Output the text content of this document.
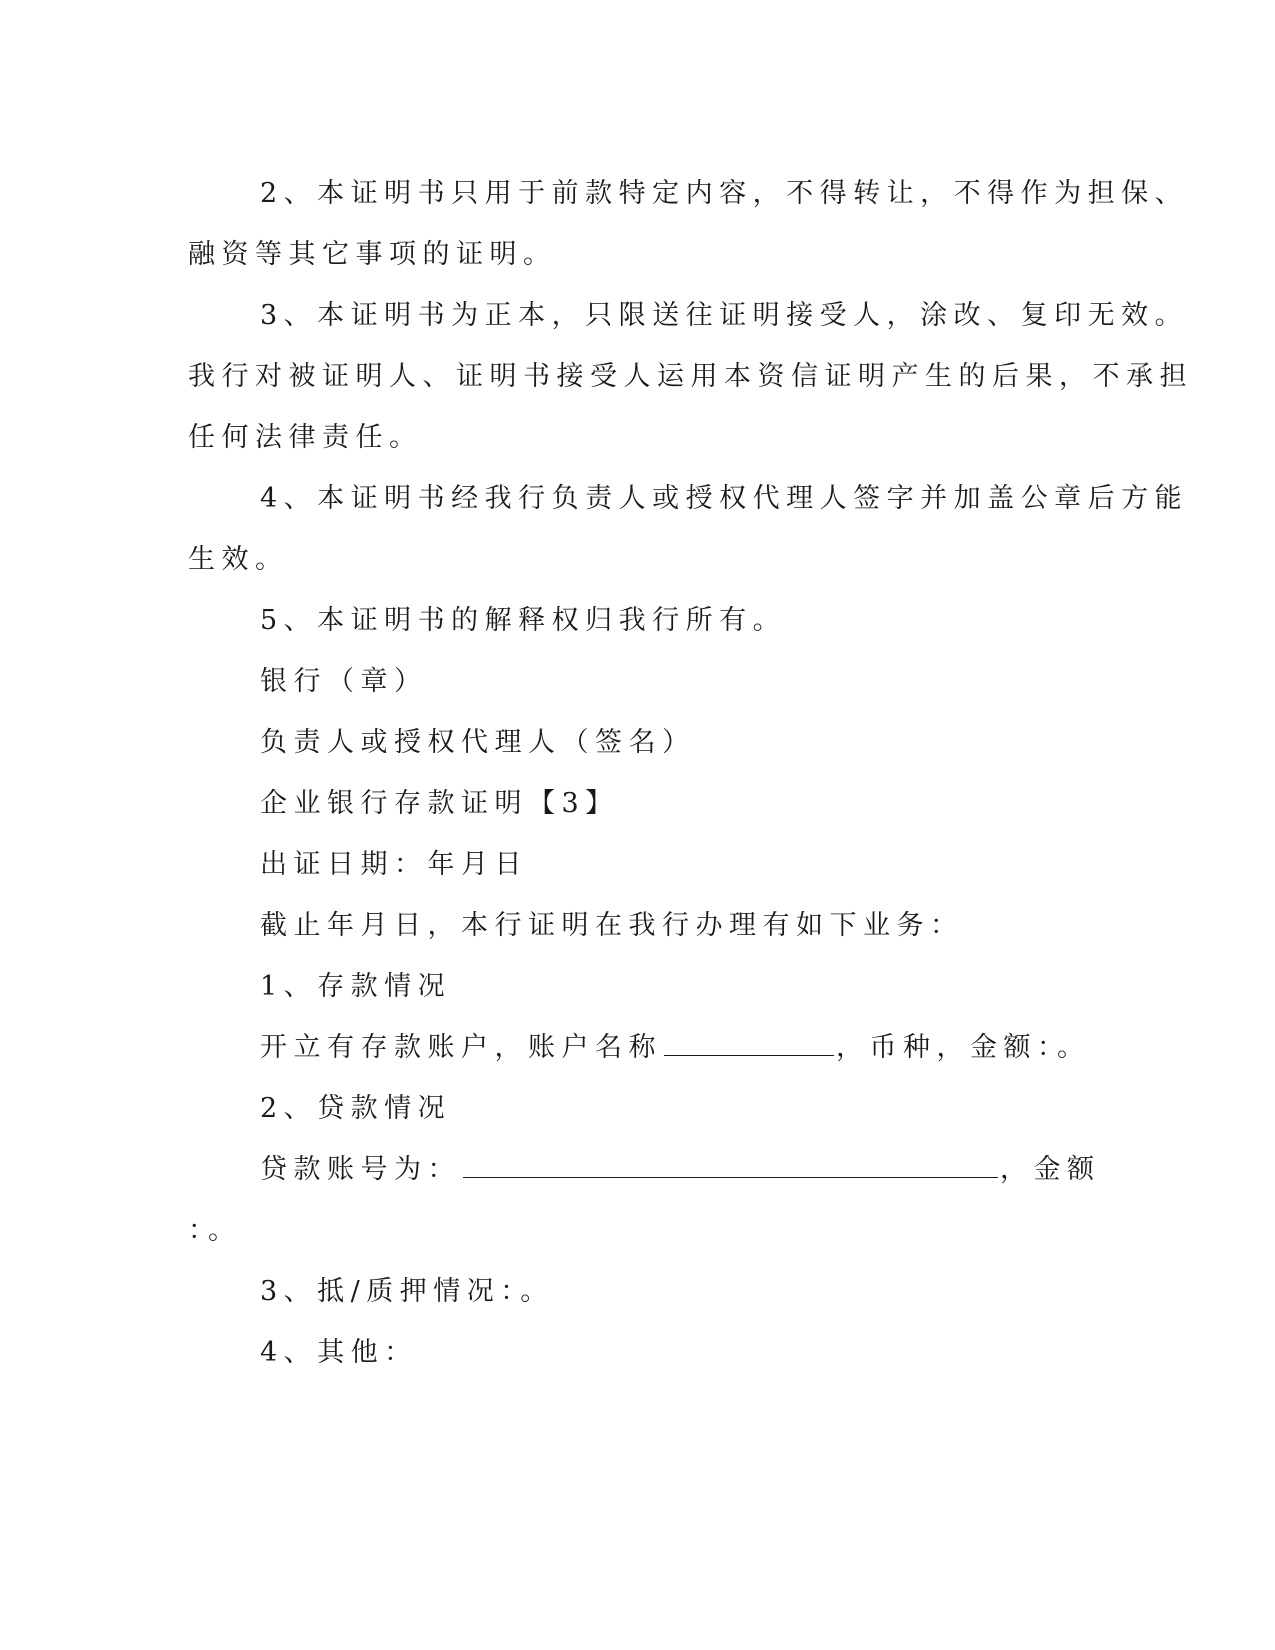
2、本证明书只用于前款特定内容，不得转让，不得作为担保、
融资等其它事项的证明。
3、本证明书为正本，只限送往证明接受人，涂改、复印无效。
我行对被证明人、证明书接受人运用本资信证明产生的后果，不承担
任何法律责任。
4、本证明书经我行负责人或授权代理人签字并加盖公章后方能
生效。
5、本证明书的解释权归我行所有。
银行（章）
负责人或授权代理人（签名）
企业银行存款证明【3】
出证日期：年月日
截止年月日，本行证明在我行办理有如下业务：
1、存款情况
开立有存款账户，账户名称	，币种，金额：。
2、贷款情况
贷款账号为：	，金额
：。
3、抵/质押情况：。
4、其他：
